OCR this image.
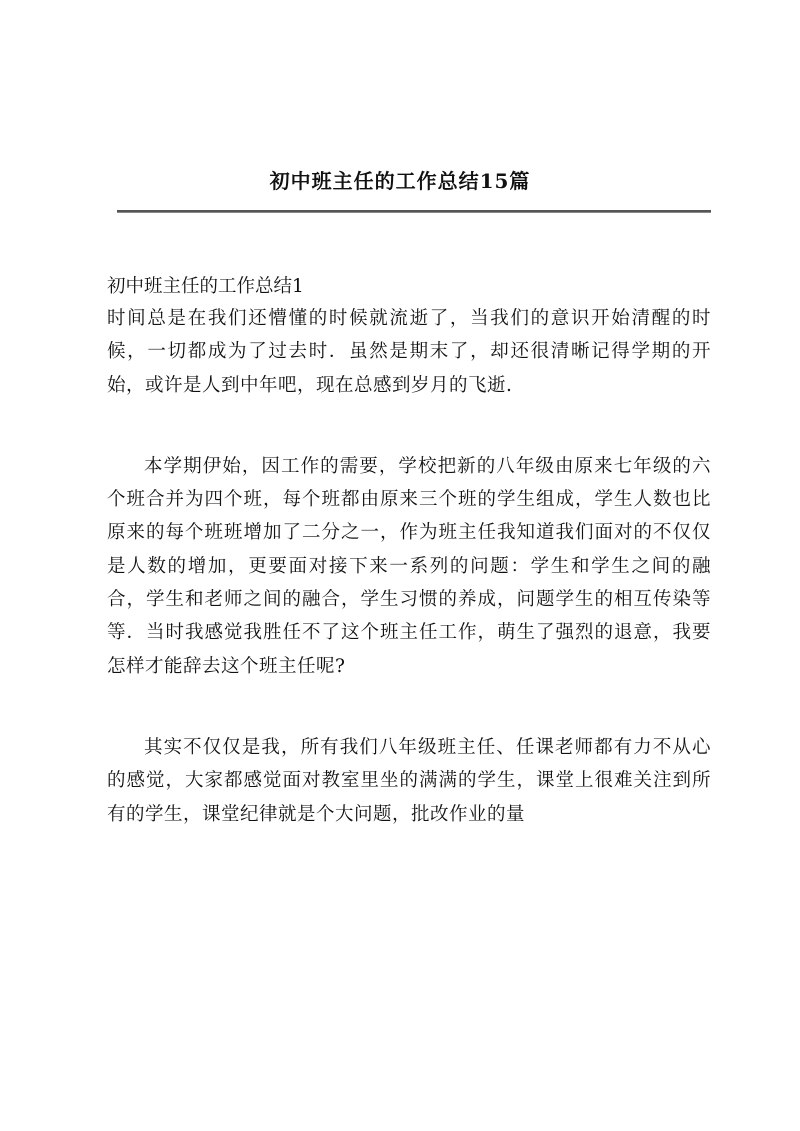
初中班主任的工作总结15篇
初中班主任的工作总结1

时间总是在我们还懵懂的时候就流逝了，当我们的意识开始清醒的时候，一切都成为了过去时．虽然是期末了，却还很清晰记得学期的开始，或许是人到中年吧，现在总感到岁月的飞逝.

本学期伊始，因工作的需要，学校把新的八年级由原来七年级的六个班合并为四个班，每个班都由原来三个班的学生组成，学生人数也比原来的每个班班增加了二分之一，作为班主任我知道我们面对的不仅仅是人数的增加，更要面对接下来一系列的问题：学生和学生之间的融合，学生和老师之间的融合，学生习惯的养成，问题学生的相互传染等等．当时我感觉我胜任不了这个班主任工作，萌生了强烈的退意，我要怎样才能辞去这个班主任呢?

其实不仅仅是我，所有我们八年级班主任、任课老师都有力不从心的感觉，大家都感觉面对教室里坐的满满的学生，课堂上很难关注到所有的学生，课堂纪律就是个大问题，批改作业的量
